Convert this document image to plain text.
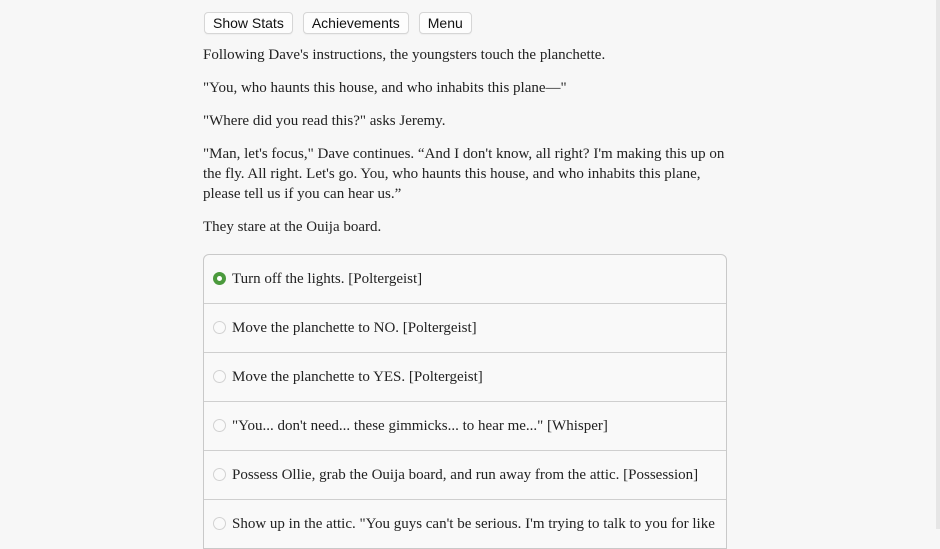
Show Stats	Achievements	Menu

Following Dave's instructions, the youngsters touch the planchette.

"You, who haunts this house, and who inhabits this plane—"

"Where did you read this?" asks Jeremy.

"Man, let's focus," Dave continues. “And I don't know, all right? I'm making this up on the fly. All right. Let's go. You, who haunts this house, and who inhabits this plane, please tell us if you can hear us.”

They stare at the Ouija board.

Turn off the lights. [Poltergeist]
Move the planchette to NO. [Poltergeist]
Move the planchette to YES. [Poltergeist]
"You... don't need... these gimmicks... to hear me..." [Whisper]
Possess Ollie, grab the Ouija board, and run away from the attic. [Possession]
Show up in the attic. "You guys can't be serious. I'm trying to talk to you for like
